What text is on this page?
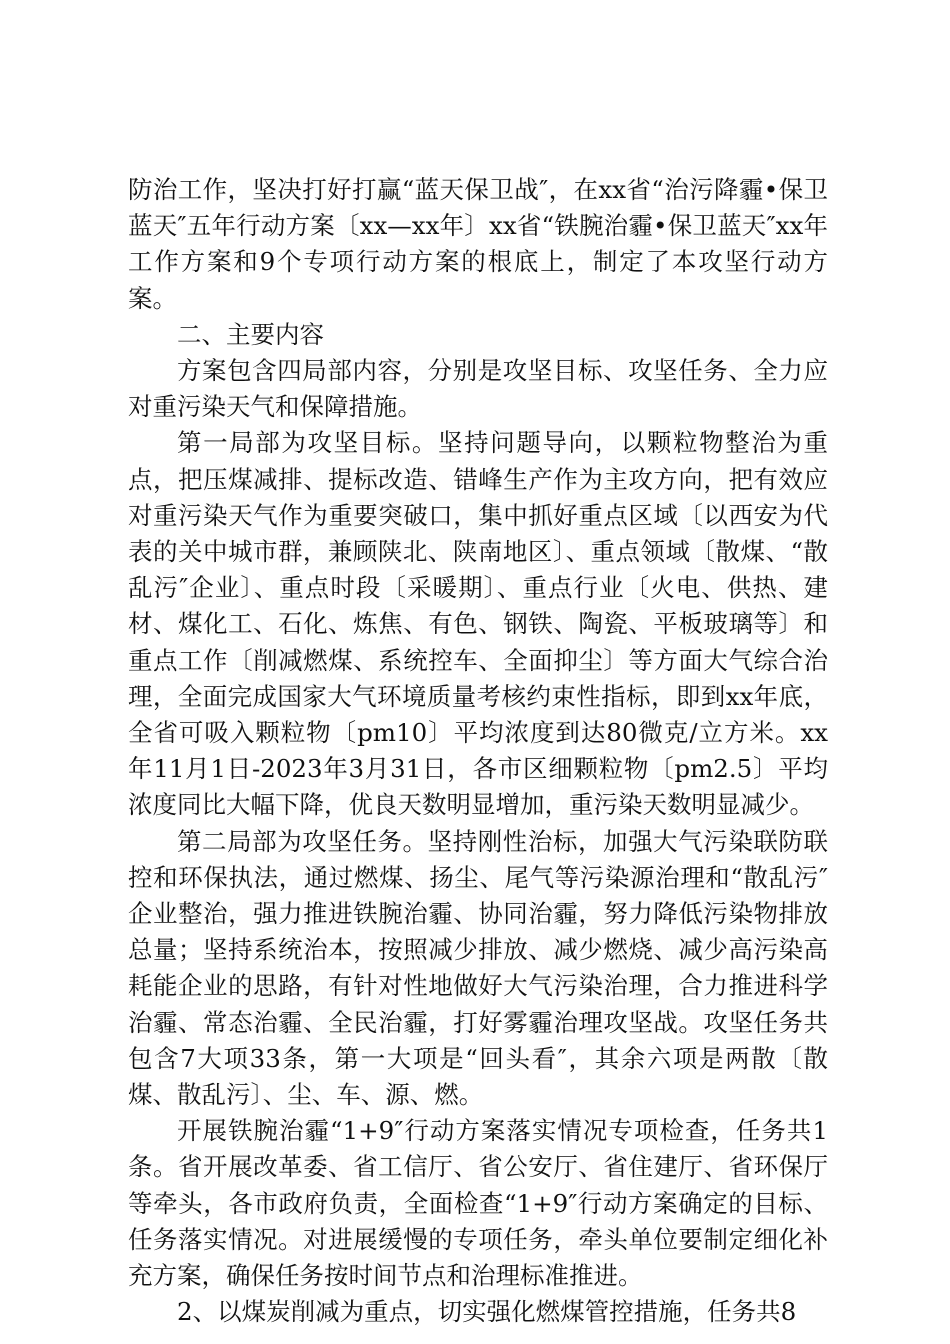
防治工作，坚决打好打赢“蓝天保卫战″，在xx省“治污降霾•保卫蓝天″五年行动方案〔xx—xx年〕xx省“铁腕治霾•保卫蓝天″xx年工作方案和9个专项行动方案的根底上，制定了本攻坚行动方案。

二、主要内容

方案包含四局部内容，分别是攻坚目标、攻坚任务、全力应对重污染天气和保障措施。

第一局部为攻坚目标。坚持问题导向，以颗粒物整治为重点，把压煤减排、提标改造、错峰生产作为主攻方向，把有效应对重污染天气作为重要突破口，集中抓好重点区域〔以西安为代表的关中城市群，兼顾陕北、陕南地区〕、重点领域〔散煤、“散乱污″企业〕、重点时段〔采暖期〕、重点行业〔火电、供热、建材、煤化工、石化、炼焦、有色、钢铁、陶瓷、平板玻璃等〕和重点工作〔削减燃煤、系统控车、全面抑尘〕等方面大气综合治理，全面完成国家大气环境质量考核约束性指标，即到xx年底，全省可吸入颗粒物〔pm10〕平均浓度到达80微克/立方米。xx年11月1日-2023年3月31日，各市区细颗粒物〔pm2.5〕平均浓度同比大幅下降，优良天数明显增加，重污染天数明显减少。

第二局部为攻坚任务。坚持刚性治标，加强大气污染联防联控和环保执法，通过燃煤、扬尘、尾气等污染源治理和“散乱污″企业整治，强力推进铁腕治霾、协同治霾，努力降低污染物排放总量；坚持系统治本，按照减少排放、减少燃烧、减少高污染高耗能企业的思路，有针对性地做好大气污染治理，合力推进科学治霾、常态治霾、全民治霾，打好雾霾治理攻坚战。攻坚任务共包含7大项33条，第一大项是“回头看″，其余六项是两散〔散煤、散乱污〕、尘、车、源、燃。

开展铁腕治霾“1+9″行动方案落实情况专项检查，任务共1条。省开展改革委、省工信厅、省公安厅、省住建厅、省环保厅等牵头，各市政府负责，全面检查“1+9″行动方案确定的目标、任务落实情况。对进展缓慢的专项任务，牵头单位要制定细化补充方案，确保任务按时间节点和治理标准推进。

2、以煤炭削减为重点，切实强化燃煤管控措施，任务共8
